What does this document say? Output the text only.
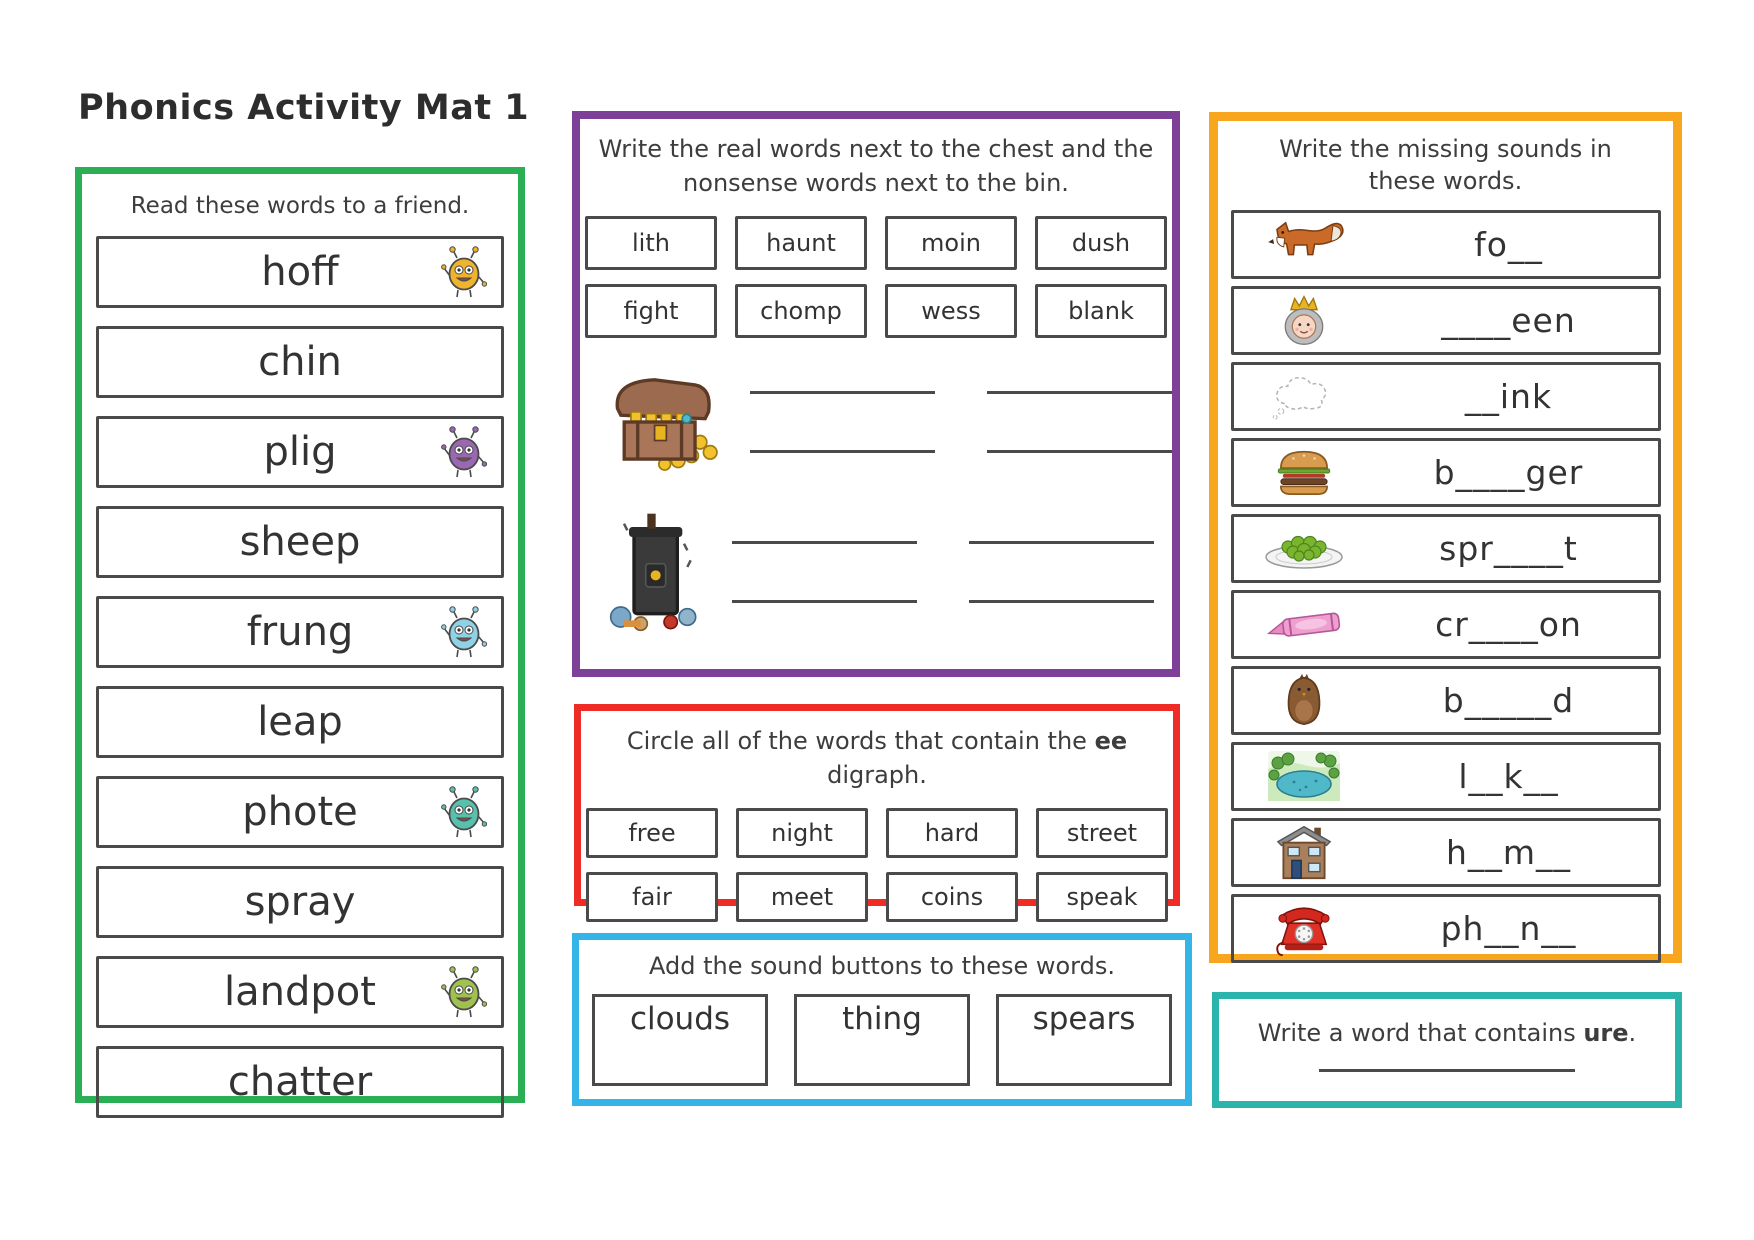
Phonics Activity Mat 1
Read these words to a friend.
hoff
chin
plig
sheep
frung
leap
phote
spray
landpot
chatter
Write the real words next to the chest and the
nonsense words next to the bin.
lith	haunt	moin	dush
fight	chomp	wess	blank
Circle all of the words that contain the ee digraph.
free	night	hard	street
fair	meet	coins	speak
Add the sound buttons to these words.
clouds	thing	spears
Write the missing sounds in
these words.
fo__
____een
__ink
b____ger
spr____t
cr____on
b_____d
l__k__
h__m__
ph__n__
Write a word that contains ure.
